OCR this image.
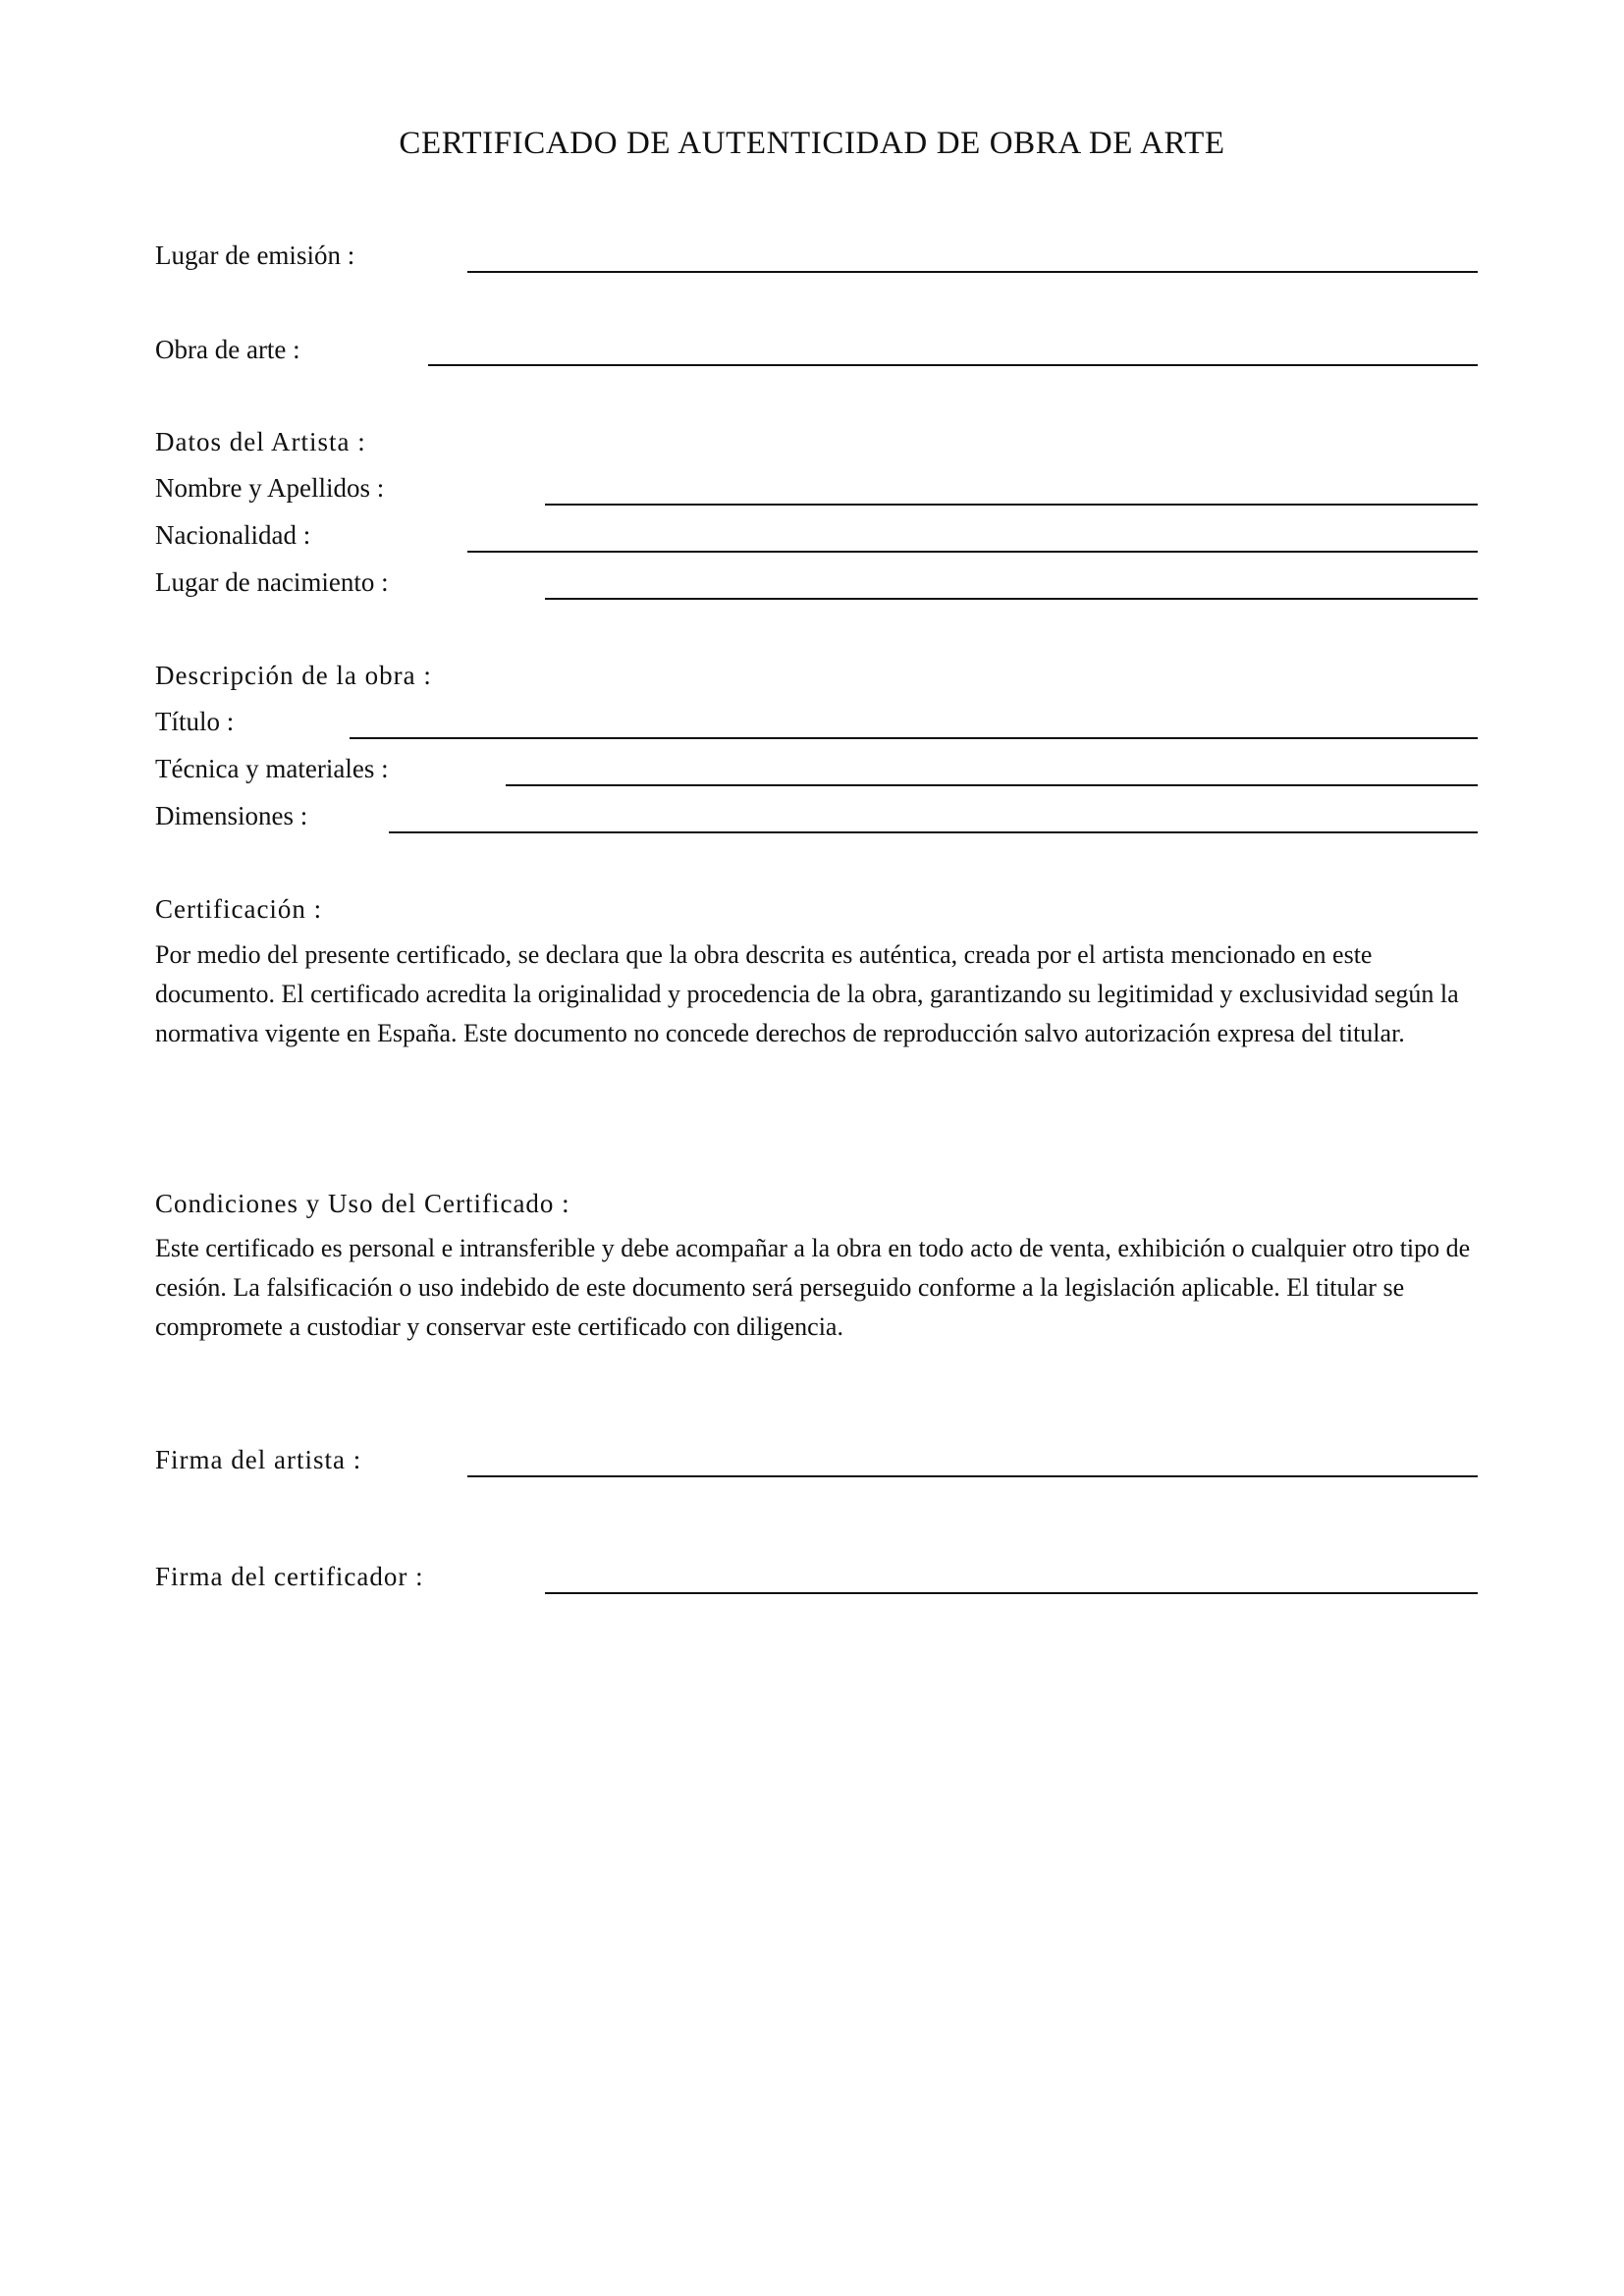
CERTIFICADO DE AUTENTICIDAD DE OBRA DE ARTE
Lugar de emisión :
Obra de arte :
Datos del Artista :
Nombre y Apellidos :
Nacionalidad :
Lugar de nacimiento :
Descripción de la obra :
Título :
Técnica y materiales :
Dimensiones :
Certificación :
Por medio del presente certificado, se declara que la obra descrita es auténtica, creada por el artista mencionado en este documento. El certificado acredita la originalidad y procedencia de la obra, garantizando su legitimidad y exclusividad según la normativa vigente en España. Este documento no concede derechos de reproducción salvo autorización expresa del titular.
Condiciones y Uso del Certificado :
Este certificado es personal e intransferible y debe acompañar a la obra en todo acto de venta, exhibición o cualquier otro tipo de cesión. La falsificación o uso indebido de este documento será perseguido conforme a la legislación aplicable. El titular se compromete a custodiar y conservar este certificado con diligencia.
Firma del artista :
Firma del certificador :
